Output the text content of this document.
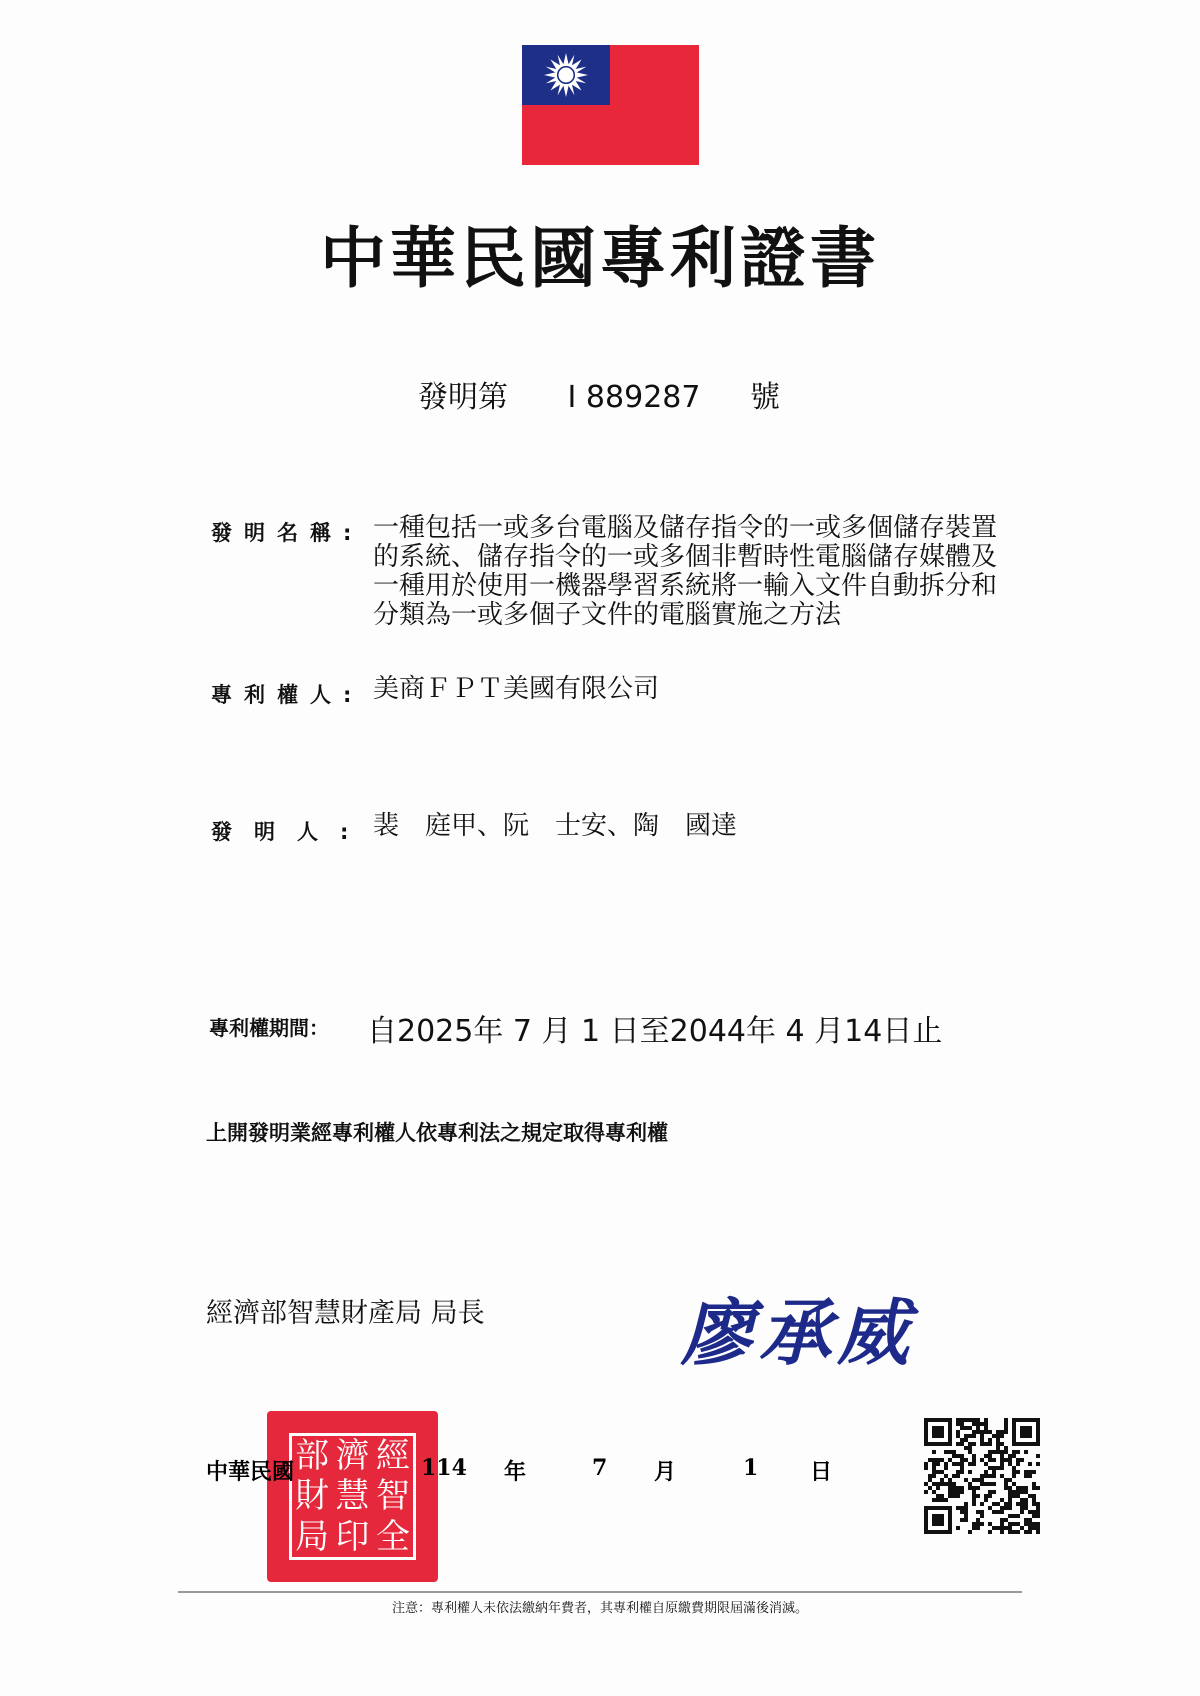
中華民國專利證書
發明第 I 889287 號
發明名稱: 一種包括一或多台電腦及儲存指令的一或多個儲存裝置的系統、儲存指令的一或多個非暫時性電腦儲存媒體及一種用於使用一機器學習系統將一輸入文件自動拆分和分類為一或多個子文件的電腦實施之方法
專利權人: 美商ＦＰＴ美國有限公司
發明人: 裴　庭甲、阮　士安、陶　國達
專利權期間： 自2025年 7 月 1 日至2044年 4 月14日止
上開發明業經專利權人依專利法之規定取得專利權
經濟部智慧財產局 局長	廖承威
部 濟 經
財 慧 智
局 印 全
中華民國	114 年	7 月	1 日
注意：專利權人未依法繳納年費者，其專利權自原繳費期限屆滿後消滅。
